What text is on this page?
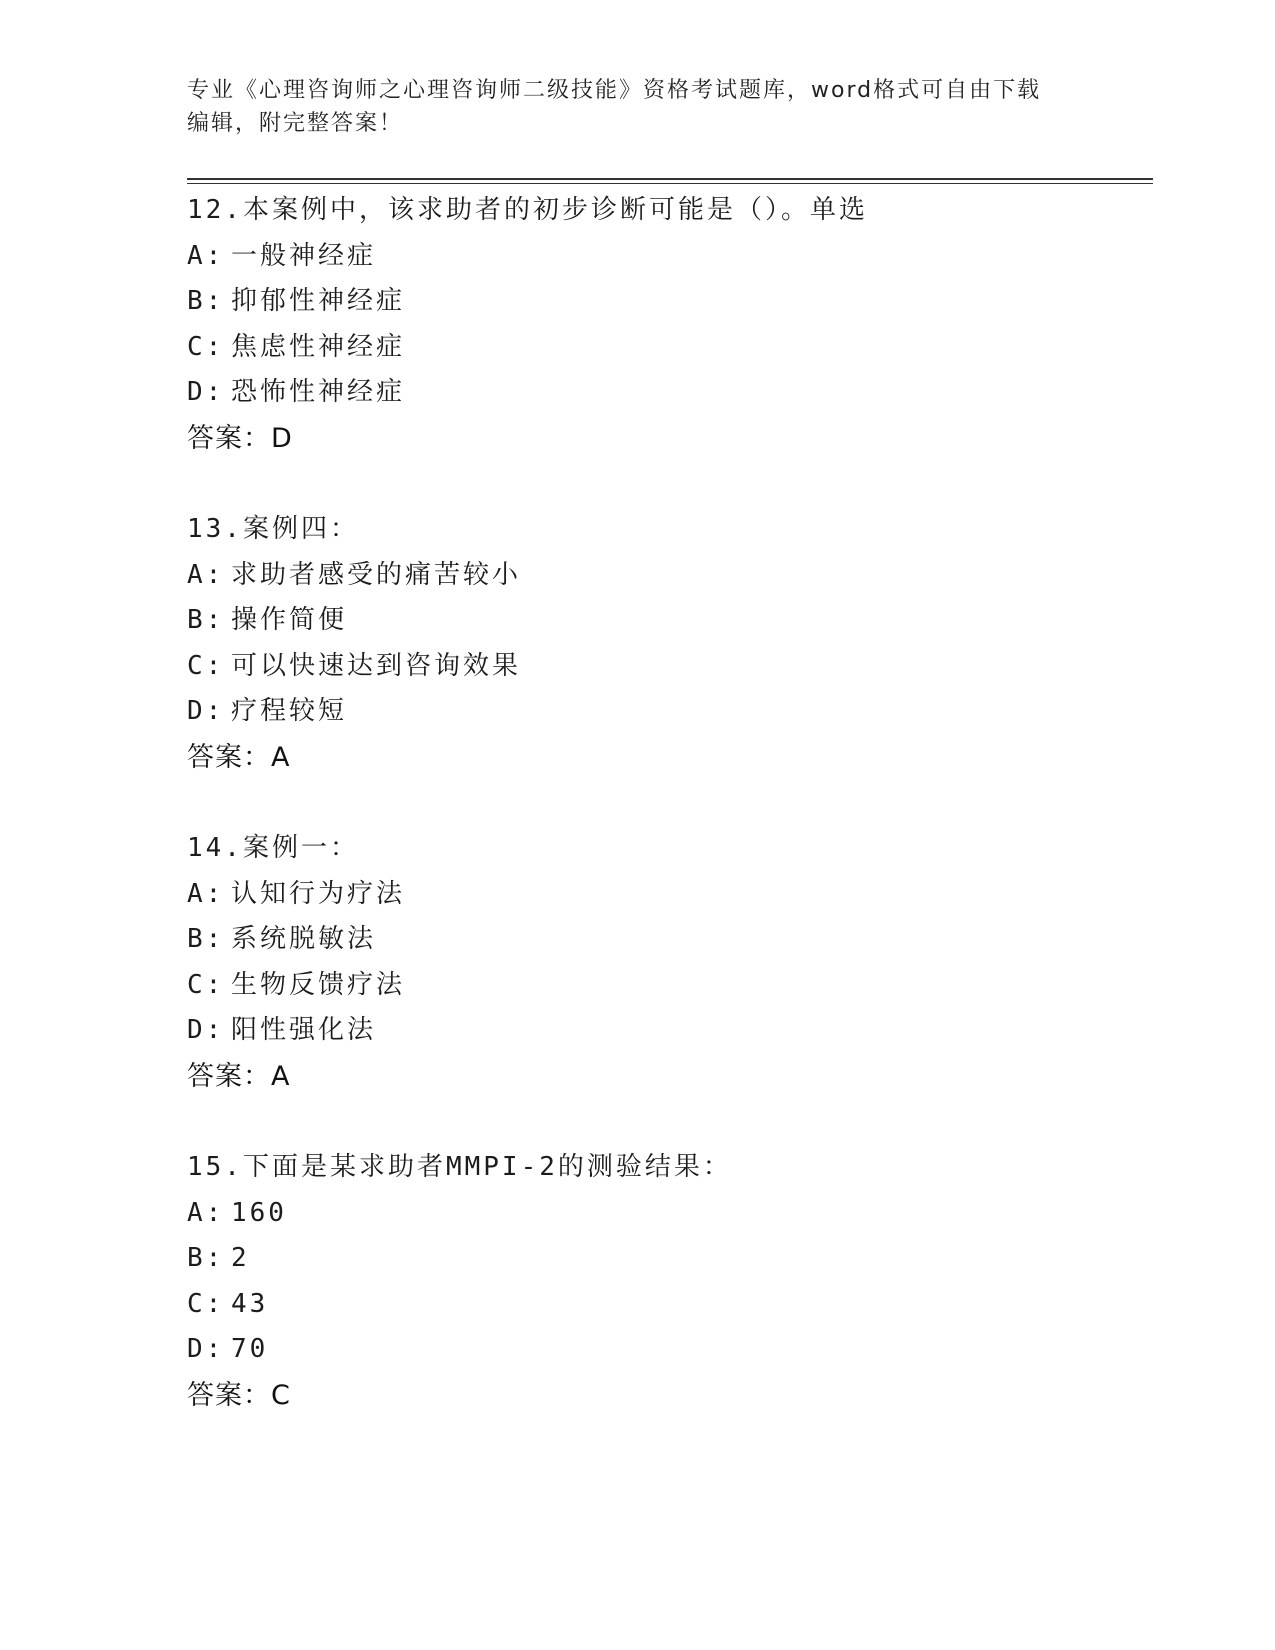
专业《心理咨询师之心理咨询师二级技能》资格考试题库，word格式可自由下载
编辑，附完整答案！
12.本案例中，该求助者的初步诊断可能是（）。单选
A: 一般神经症
B: 抑郁性神经症
C: 焦虑性神经症
D: 恐怖性神经症
答案：D
13.案例四：
A: 求助者感受的痛苦较小
B: 操作简便
C: 可以快速达到咨询效果
D: 疗程较短
答案：A
14.案例一：
A: 认知行为疗法
B: 系统脱敏法
C: 生物反馈疗法
D: 阳性强化法
答案：A
15.下面是某求助者MMPI-2的测验结果：
A: 160
B: 2
C: 43
D: 70
答案：C
